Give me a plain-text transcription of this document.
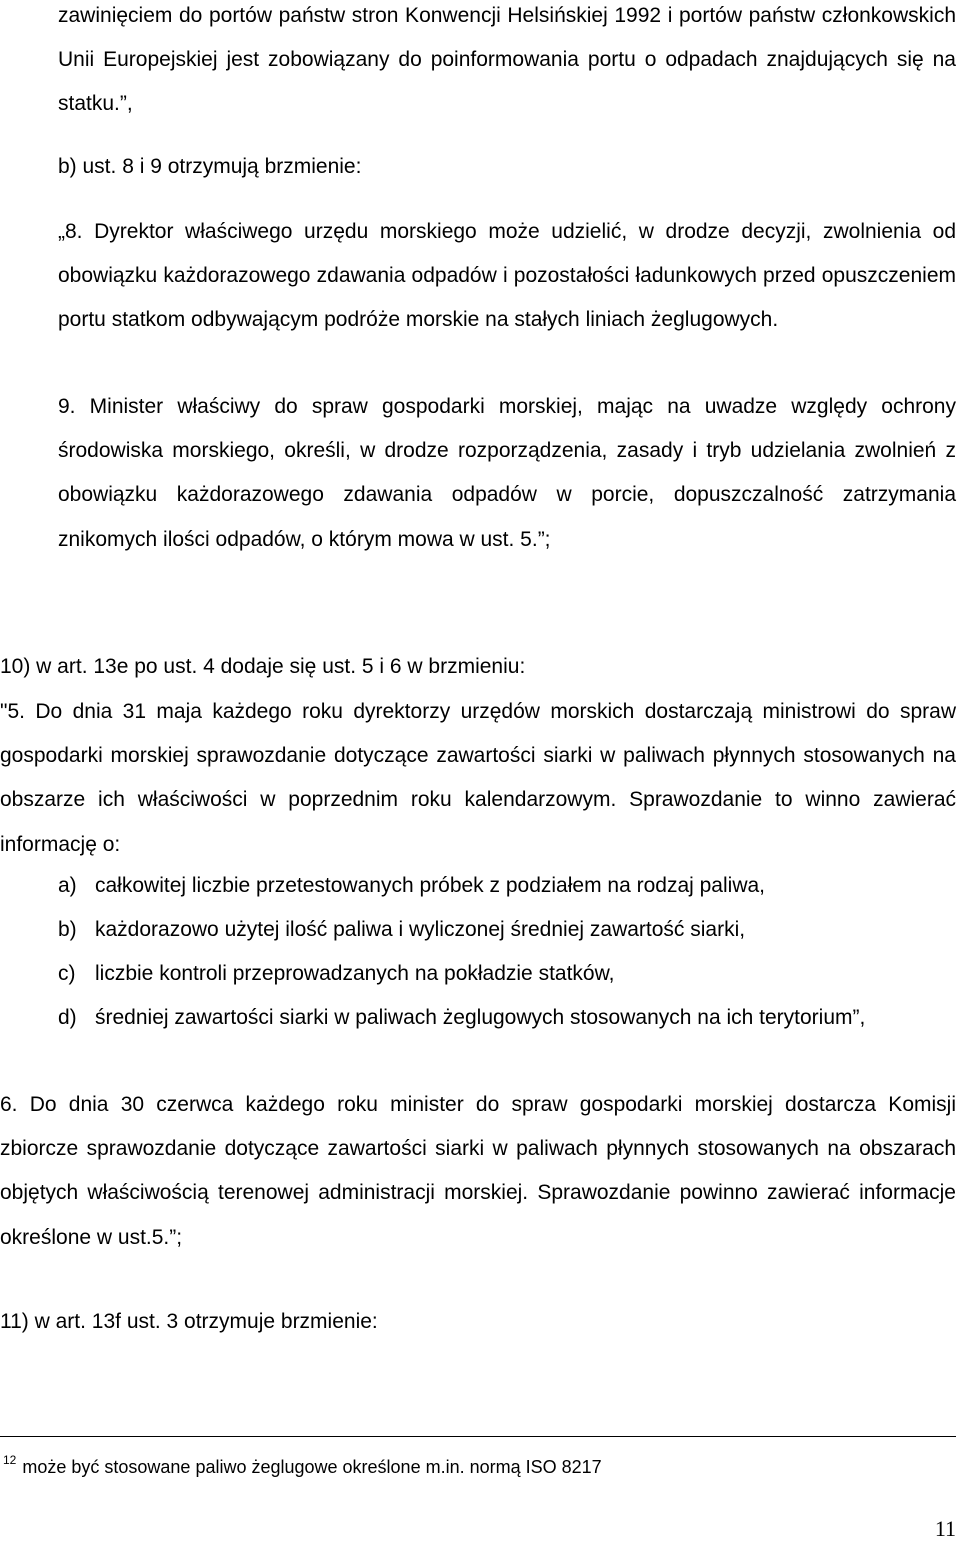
zawinięciem do portów państw stron Konwencji Helsińskiej 1992 i portów państw członkowskich Unii Europejskiej jest zobowiązany do poinformowania portu o odpadach znajdujących się na statku.”,

b) ust. 8 i 9 otrzymują brzmienie:

„8. Dyrektor właściwego urzędu morskiego może udzielić, w drodze decyzji, zwolnienia od obowiązku każdorazowego zdawania odpadów i pozostałości ładunkowych przed opuszczeniem portu statkom odbywającym podróże morskie na stałych liniach żeglugowych.

9. Minister właściwy do spraw gospodarki morskiej, mając na uwadze względy ochrony środowiska morskiego, określi, w drodze rozporządzenia, zasady i tryb udzielania zwolnień z obowiązku każdorazowego zdawania odpadów w porcie, dopuszczalność zatrzymania znikomych ilości odpadów, o którym mowa w ust. 5.”;

10) w art. 13e po ust. 4 dodaje się ust. 5 i 6 w brzmieniu:

"5. Do dnia 31 maja każdego roku dyrektorzy urzędów morskich dostarczają ministrowi do spraw gospodarki morskiej sprawozdanie dotyczące zawartości siarki w paliwach płynnych stosowanych na obszarze ich właściwości w poprzednim roku kalendarzowym. Sprawozdanie to winno zawierać informację o:

a) całkowitej liczbie przetestowanych próbek z podziałem na rodzaj paliwa,
b) każdorazowo użytej ilość paliwa i wyliczonej średniej zawartość siarki,
c) liczbie kontroli przeprowadzanych na pokładzie statków,
d) średniej zawartości siarki w paliwach żeglugowych stosowanych na ich terytorium”,

6. Do dnia 30 czerwca każdego roku minister do spraw gospodarki morskiej dostarcza Komisji zbiorcze sprawozdanie dotyczące zawartości siarki w paliwach płynnych stosowanych na obszarach objętych właściwością terenowej administracji morskiej. Sprawozdanie powinno zawierać informacje określone w ust.5.”;

11) w art. 13f ust. 3 otrzymuje brzmienie:

$^{12}$ może być stosowane paliwo żeglugowe określone m.in. normą ISO 8217
11
